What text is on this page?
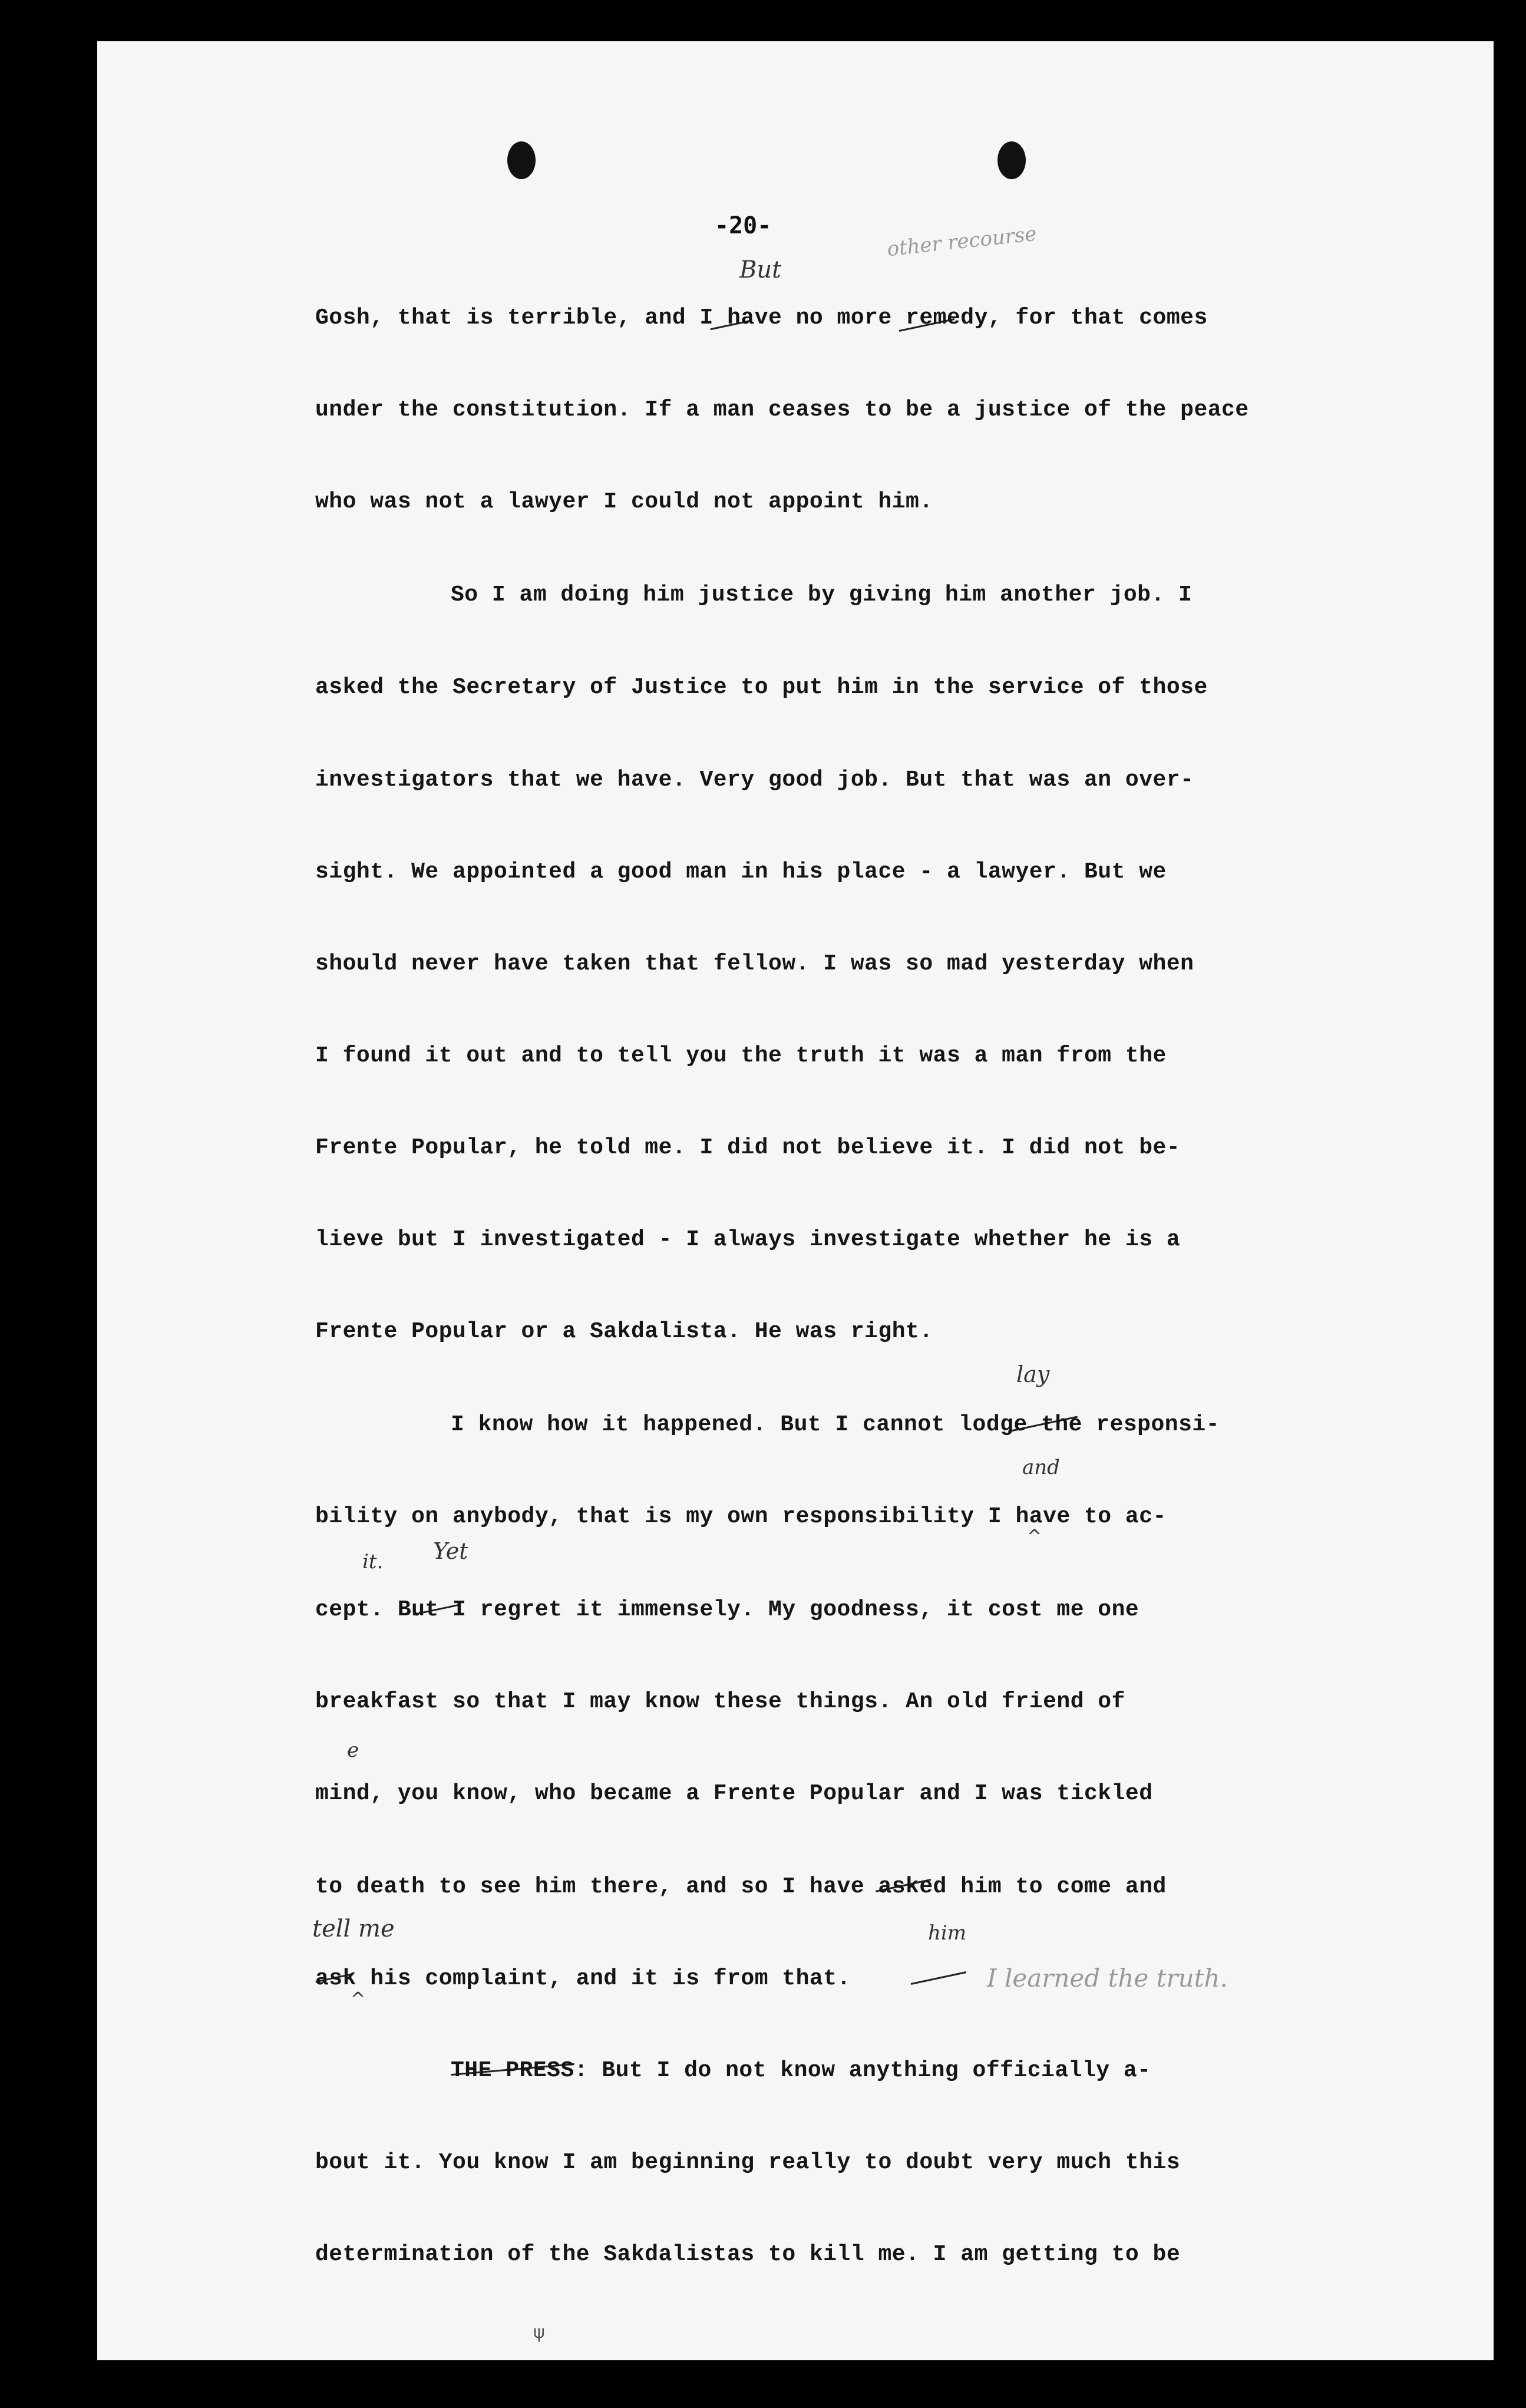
-20-
But
other recourse
Gosh, that is terrible, and I have no more remedy, for that comes
under the constitution. If a man ceases to be a justice of the peace
who was not a lawyer I could not appoint him.
So I am doing him justice by giving him another job. I
asked the Secretary of Justice to put him in the service of those
investigators that we have. Very good job. But that was an over-
sight. We appointed a good man in his place - a lawyer. But we
should never have taken that fellow. I was so mad yesterday when
I found it out and to tell you the truth it was a man from the
Frente Popular, he told me. I did not believe it. I did not be-
lieve but I investigated - I always investigate whether he is a
Frente Popular or a Sakdalista. He was right.
lay
I know how it happened. But I cannot lodge the responsi-
and
^
bility on anybody, that is my own responsibility I have to ac-
it. Yet
cept. But I regret it immensely. My goodness, it cost me one
breakfast so that I may know these things. An old friend of
e
mind, you know, who became a Frente Popular and I was tickled
to death to see him there, and so I have asked him to come and
tell me
^
him
ask his complaint, and it is from that.	I learned the truth.
THE PRESS: But I do not know anything officially a-
bout it. You know I am beginning really to doubt very much this
determination of the Sakdalistas to kill me. I am getting to be
ψ
